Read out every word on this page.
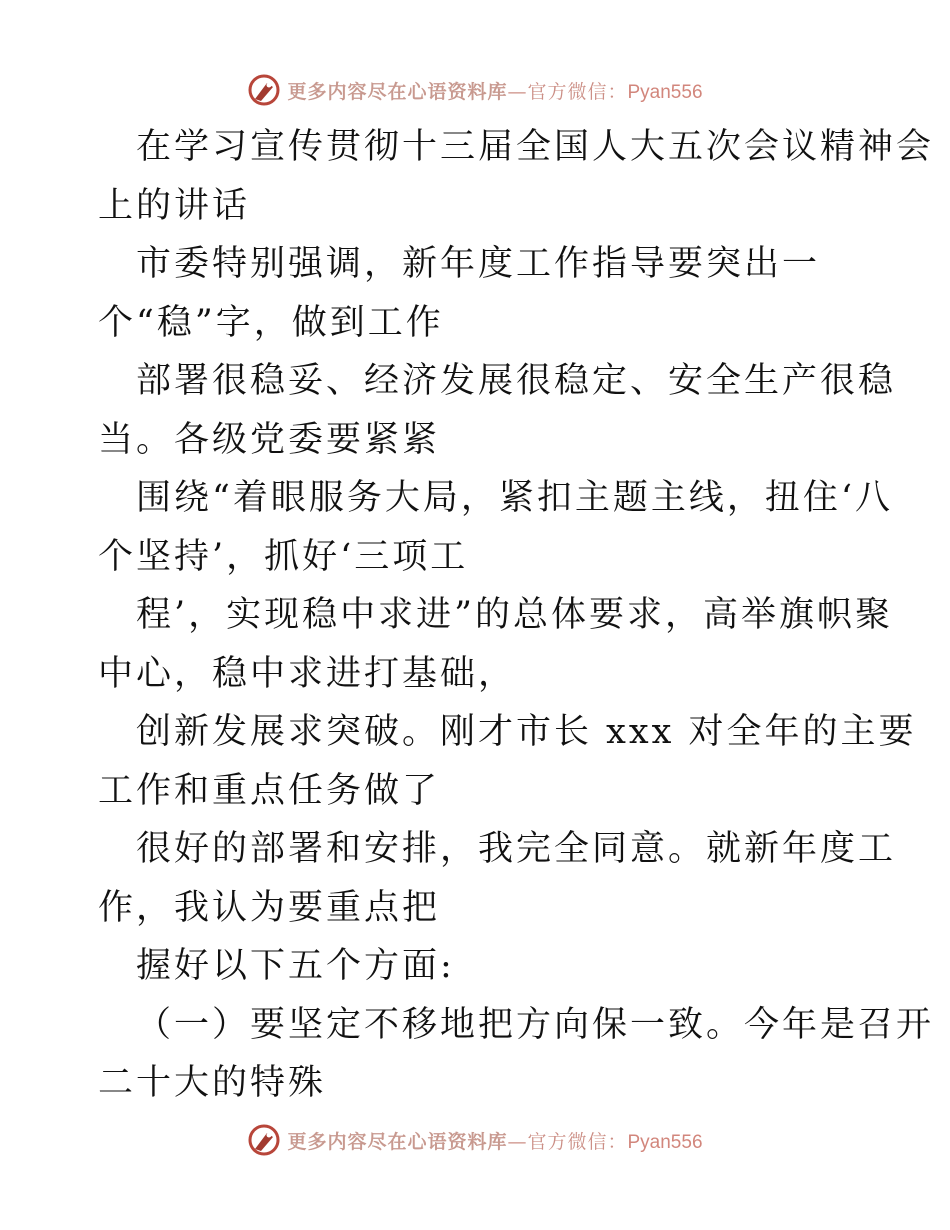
更多内容尽在心语资料库—官方微信：Pyan556
在学习宣传贯彻十三届全国人大五次会议精神会
上的讲话
市委特别强调，新年度工作指导要突出一
个“稳”字，做到工作
部署很稳妥、经济发展很稳定、安全生产很稳
当。各级党委要紧紧
围绕“着眼服务大局，紧扣主题主线，扭住‘八
个坚持’，抓好‘三项工
程’，实现稳中求进”的总体要求，高举旗帜聚
中心，稳中求进打基础，
创新发展求突破。刚才市长 xxx 对全年的主要
工作和重点任务做了
很好的部署和安排，我完全同意。就新年度工
作，我认为要重点把
握好以下五个方面:
（一）要坚定不移地把方向保一致。今年是召开
二十大的特殊
更多内容尽在心语资料库—官方微信：Pyan556
